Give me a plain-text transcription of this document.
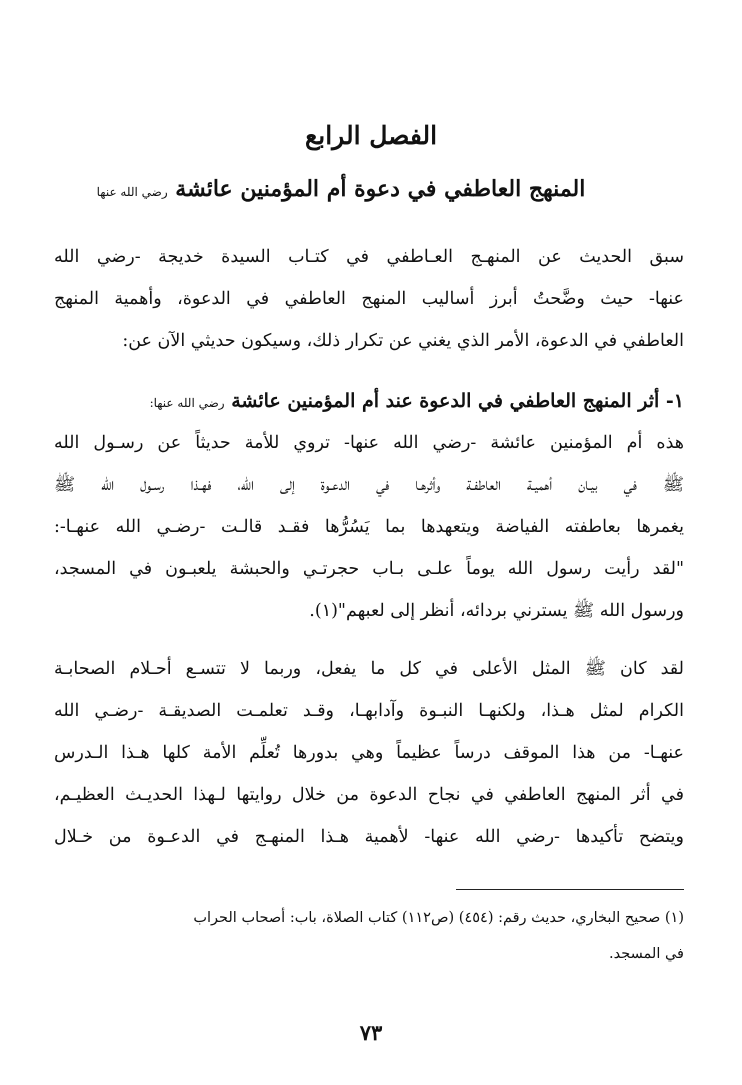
الفصل الرابع
المنهج العاطفي في دعوة أم المؤمنين عائشة رضي الله عنها
سبق الحديث عن المنهـج العـاطفي في كتـاب السيدة خديجة -رضي الله
عنها- حيث وضَّحتُ أبرز أساليب المنهج العاطفي في الدعوة، وأهمية المنهج
العاطفي في الدعوة، الأمر الذي يغني عن تكرار ذلك، وسيكون حديثي الآن عن:
١- أثر المنهج العاطفي في الدعوة عند أم المؤمنين عائشة رضي الله عنها:
هذه أم المؤمنين عائشة -رضي الله عنها- تروي للأمة حديثاً عن رسـول الله
ﷺ في بيـان أهميـة العاطفـة وأثرهـا في الدعـوة إلى الله، فهـذا رسـول الله ﷺ
يغمرها بعاطفته الفياضة ويتعهدها بما يَسُرُّها فقـد قالـت -رضـي الله عنهـا-:
"لقد رأيت رسول الله يوماً علـى بـاب حجرتـي والحبشة يلعبـون في المسجد،
ورسول الله ﷺ يسترني بردائه، أنظر إلى لعبهم"(١).
لقد كان ﷺ المثل الأعلى في كل ما يفعل، وربما لا تتسـع أحـلام الصحابـة
الكرام لمثل هـذا، ولكنهـا النبـوة وآدابهـا، وقـد تعلمـت الصديقـة -رضـي الله
عنهـا- من هذا الموقف درساً عظيماً وهي بدورها تُعلِّم الأمة كلها هـذا الـدرس
في أثر المنهج العاطفي في نجاح الدعوة من خلال روايتها لـهذا الحديـث العظيـم،
ويتضح تأكيدها -رضي الله عنها- لأهمية هـذا المنهـج في الدعـوة من خـلال
(١) صحيح البخاري، حديث رقم: (٤٥٤) (ص١١٢) كتاب الصلاة، باب: أصحاب الحراب
في المسجد.
٧٣
